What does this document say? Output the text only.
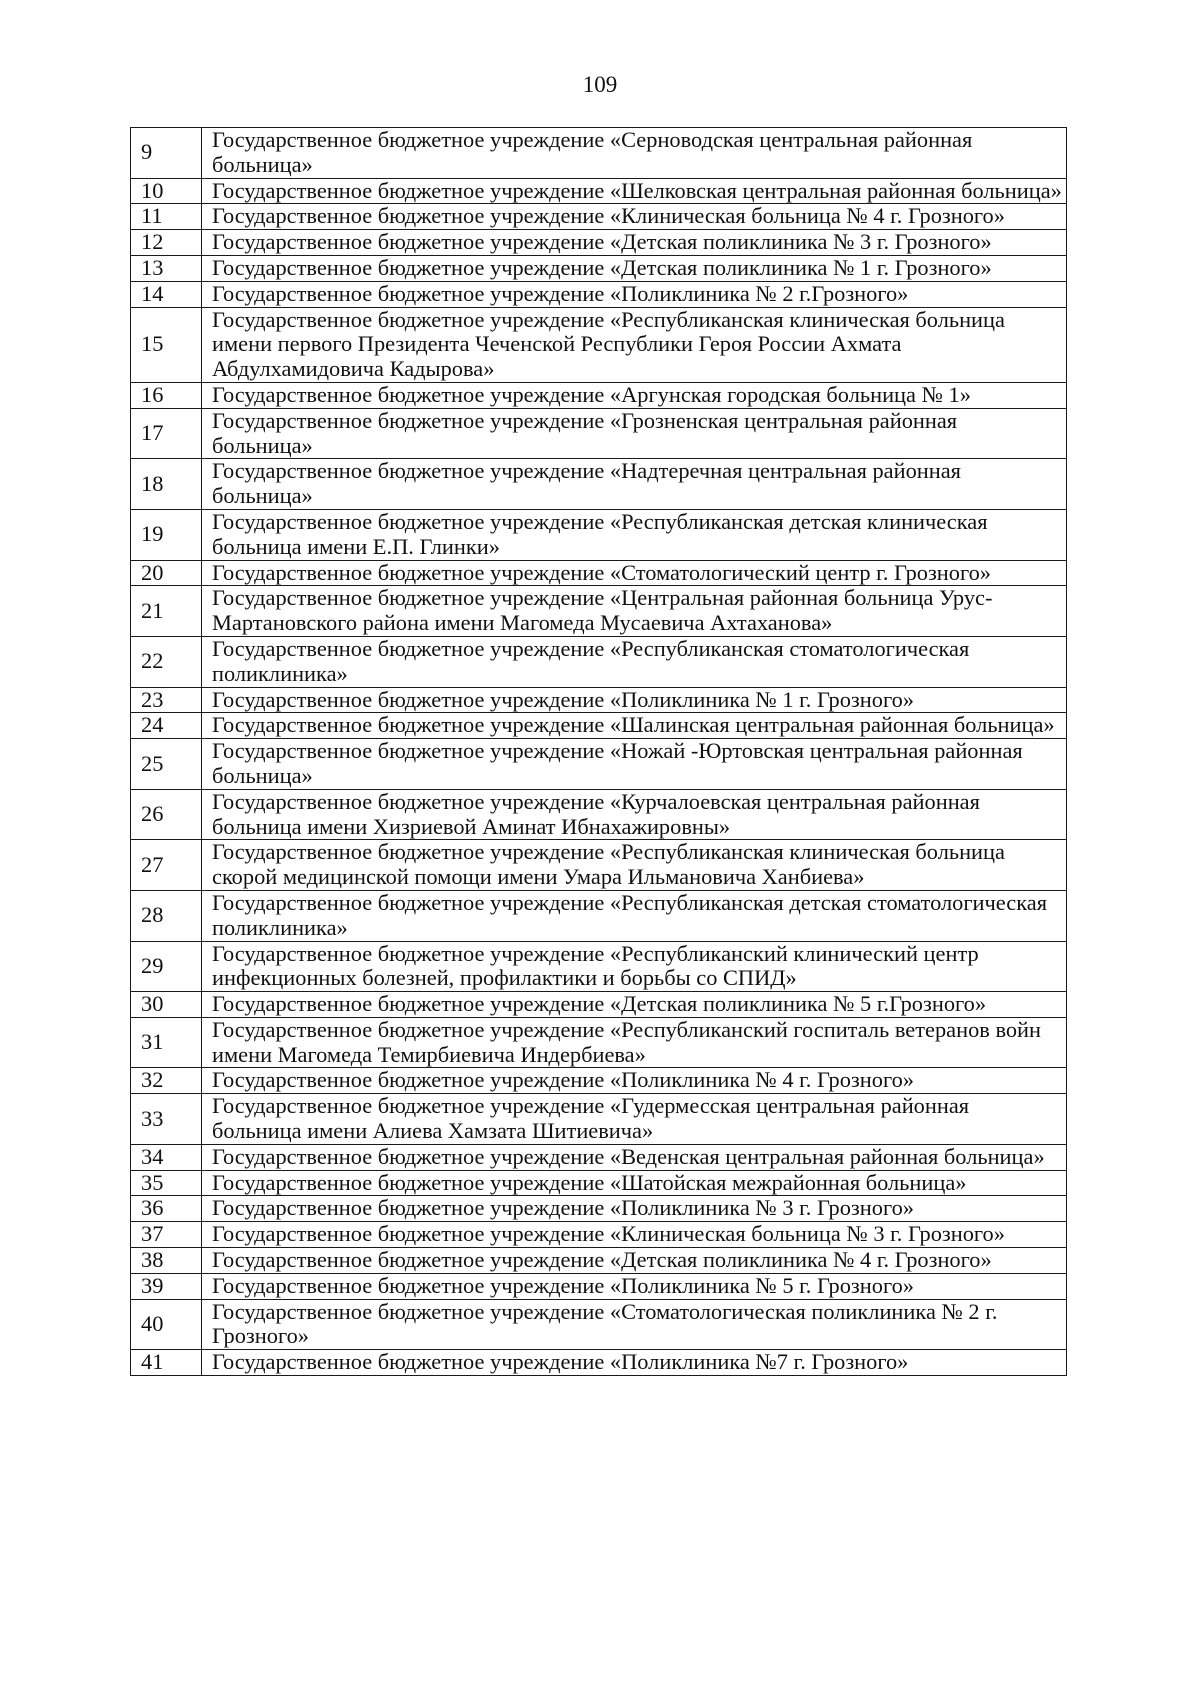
109
9	Государственное бюджетное учреждение «Серноводская центральная районная больница»
10	Государственное бюджетное учреждение «Шелковская центральная районная больница»
11	Государственное бюджетное учреждение «Клиническая больница № 4 г. Грозного»
12	Государственное бюджетное учреждение «Детская поликлиника № 3 г. Грозного»
13	Государственное бюджетное учреждение «Детская поликлиника № 1 г. Грозного»
14	Государственное бюджетное учреждение «Поликлиника № 2 г.Грозного»
15	Государственное бюджетное учреждение «Республиканская клиническая больница имени первого Президента Чеченской Республики Героя России Ахмата Абдулхамидовича Кадырова»
16	Государственное бюджетное учреждение «Аргунская городская больница № 1»
17	Государственное бюджетное учреждение «Грозненская центральная районная больница»
18	Государственное бюджетное учреждение «Надтеречная центральная районная больница»
19	Государственное бюджетное учреждение «Республиканская детская клиническая больница имени Е.П. Глинки»
20	Государственное бюджетное учреждение «Стоматологический центр г. Грозного»
21	Государственное бюджетное учреждение «Центральная районная больница Урус-Мартановского района имени Магомеда Мусаевича Ахтаханова»
22	Государственное бюджетное учреждение «Республиканская стоматологическая поликлиника»
23	Государственное бюджетное учреждение «Поликлиника № 1 г. Грозного»
24	Государственное бюджетное учреждение «Шалинская центральная районная больница»
25	Государственное бюджетное учреждение «Ножай -Юртовская центральная районная больница»
26	Государственное бюджетное учреждение «Курчалоевская центральная районная больница имени Хизриевой Аминат Ибнахажировны»
27	Государственное бюджетное учреждение «Республиканская клиническая больница скорой медицинской помощи имени Умара Ильмановича Ханбиева»
28	Государственное бюджетное учреждение «Республиканская детская стоматологическая поликлиника»
29	Государственное бюджетное учреждение «Республиканский клинический центр инфекционных болезней, профилактики и борьбы со СПИД»
30	Государственное бюджетное учреждение «Детская поликлиника № 5 г.Грозного»
31	Государственное бюджетное учреждение «Республиканский госпиталь ветеранов войн имени Магомеда Темирбиевича Индербиева»
32	Государственное бюджетное учреждение «Поликлиника № 4 г. Грозного»
33	Государственное бюджетное учреждение «Гудермесская центральная районная больница имени Алиева Хамзата Шитиевича»
34	Государственное бюджетное учреждение «Веденская центральная районная больница»
35	Государственное бюджетное учреждение «Шатойская межрайонная больница»
36	Государственное бюджетное учреждение «Поликлиника № 3 г. Грозного»
37	Государственное бюджетное учреждение «Клиническая больница № 3 г. Грозного»
38	Государственное бюджетное учреждение «Детская поликлиника № 4 г. Грозного»
39	Государственное бюджетное учреждение «Поликлиника № 5 г. Грозного»
40	Государственное бюджетное учреждение «Стоматологическая поликлиника № 2 г. Грозного»
41	Государственное бюджетное учреждение «Поликлиника №7 г. Грозного»
